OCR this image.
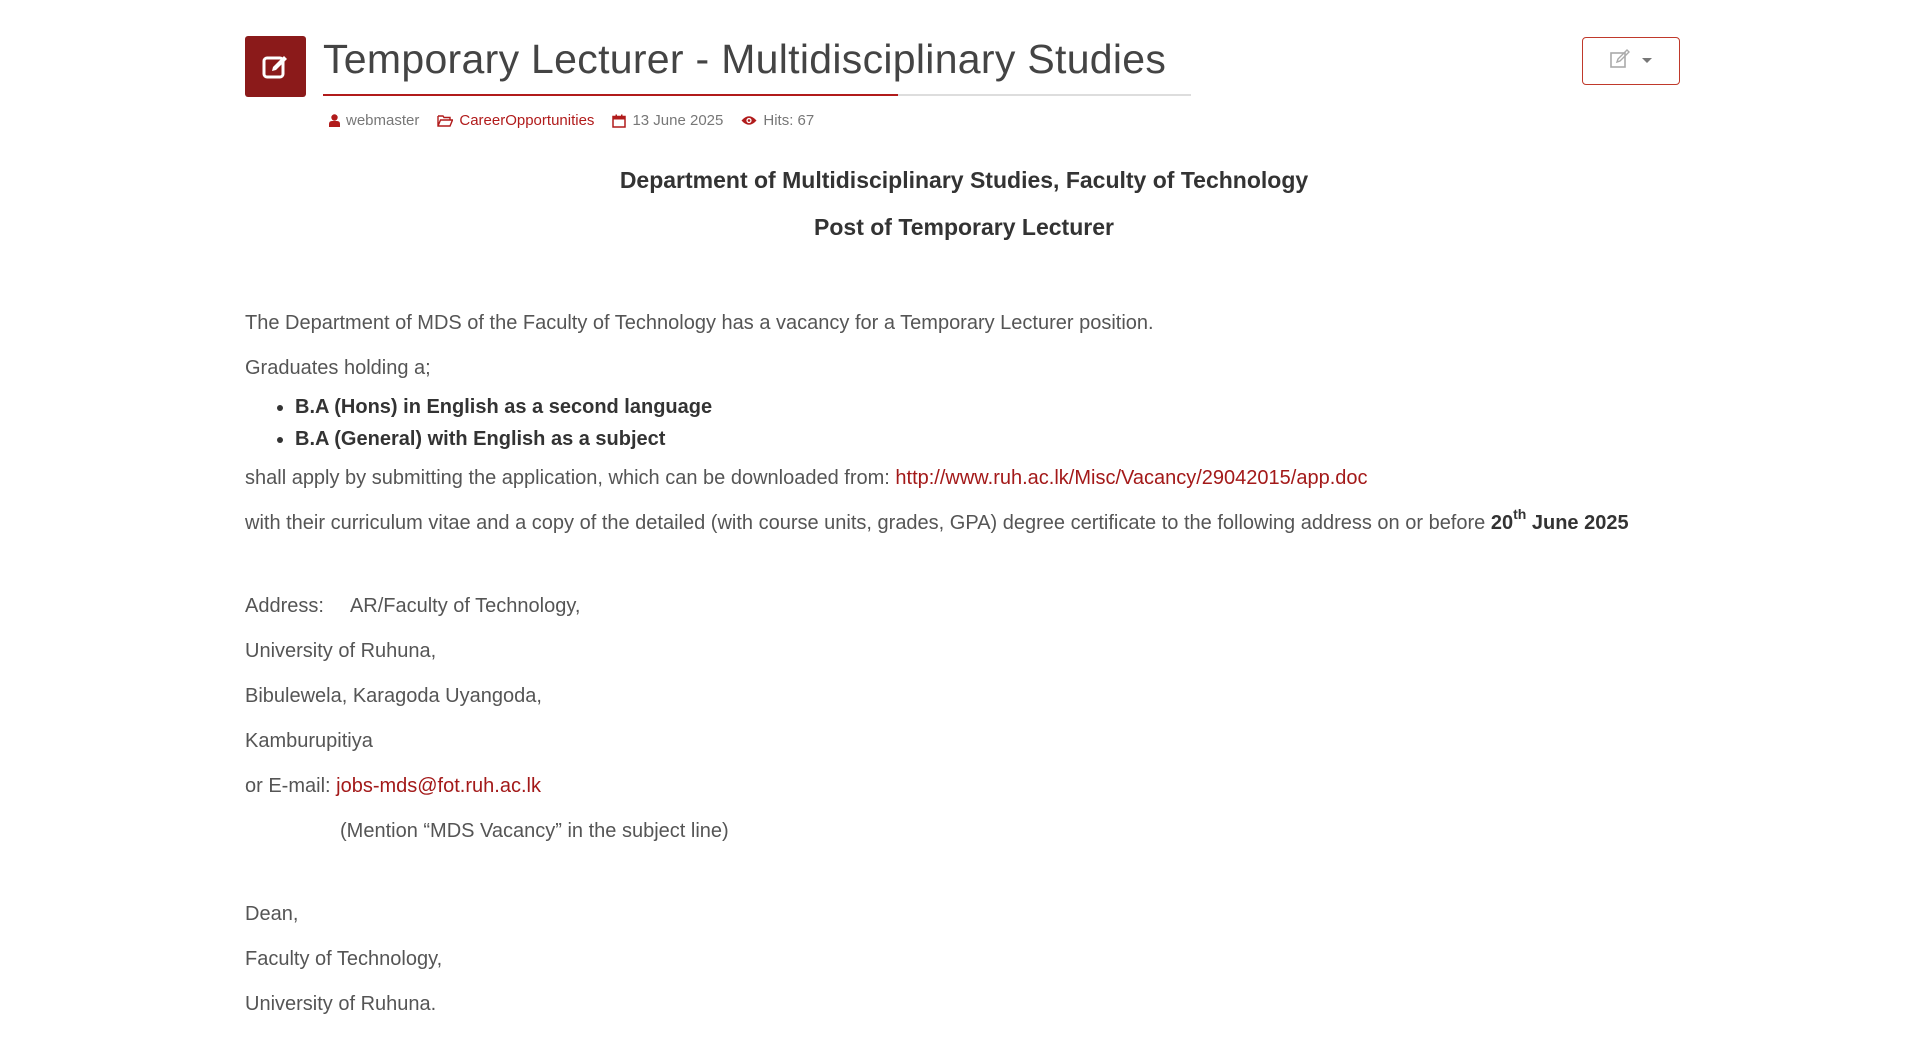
Temporary Lecturer - Multidisciplinary Studies
webmaster	CareerOpportunities	13 June 2025	Hits: 67

Department of Multidisciplinary Studies, Faculty of Technology

Post of Temporary Lecturer

The Department of MDS of the Faculty of Technology has a vacancy for a Temporary Lecturer position.

Graduates holding a;

• B.A (Hons) in English as a second language
• B.A (General) with English as a subject

shall apply by submitting the application, which can be downloaded from: http://www.ruh.ac.lk/Misc/Vacancy/29042015/app.doc

with their curriculum vitae and a copy of the detailed (with course units, grades, GPA) degree certificate to the following address on or before 20th June 2025

Address: AR/Faculty of Technology,

University of Ruhuna,

Bibulewela, Karagoda Uyangoda,

Kamburupitiya

or E-mail: jobs-mds@fot.ruh.ac.lk

(Mention “MDS Vacancy” in the subject line)

Dean,

Faculty of Technology,

University of Ruhuna.
